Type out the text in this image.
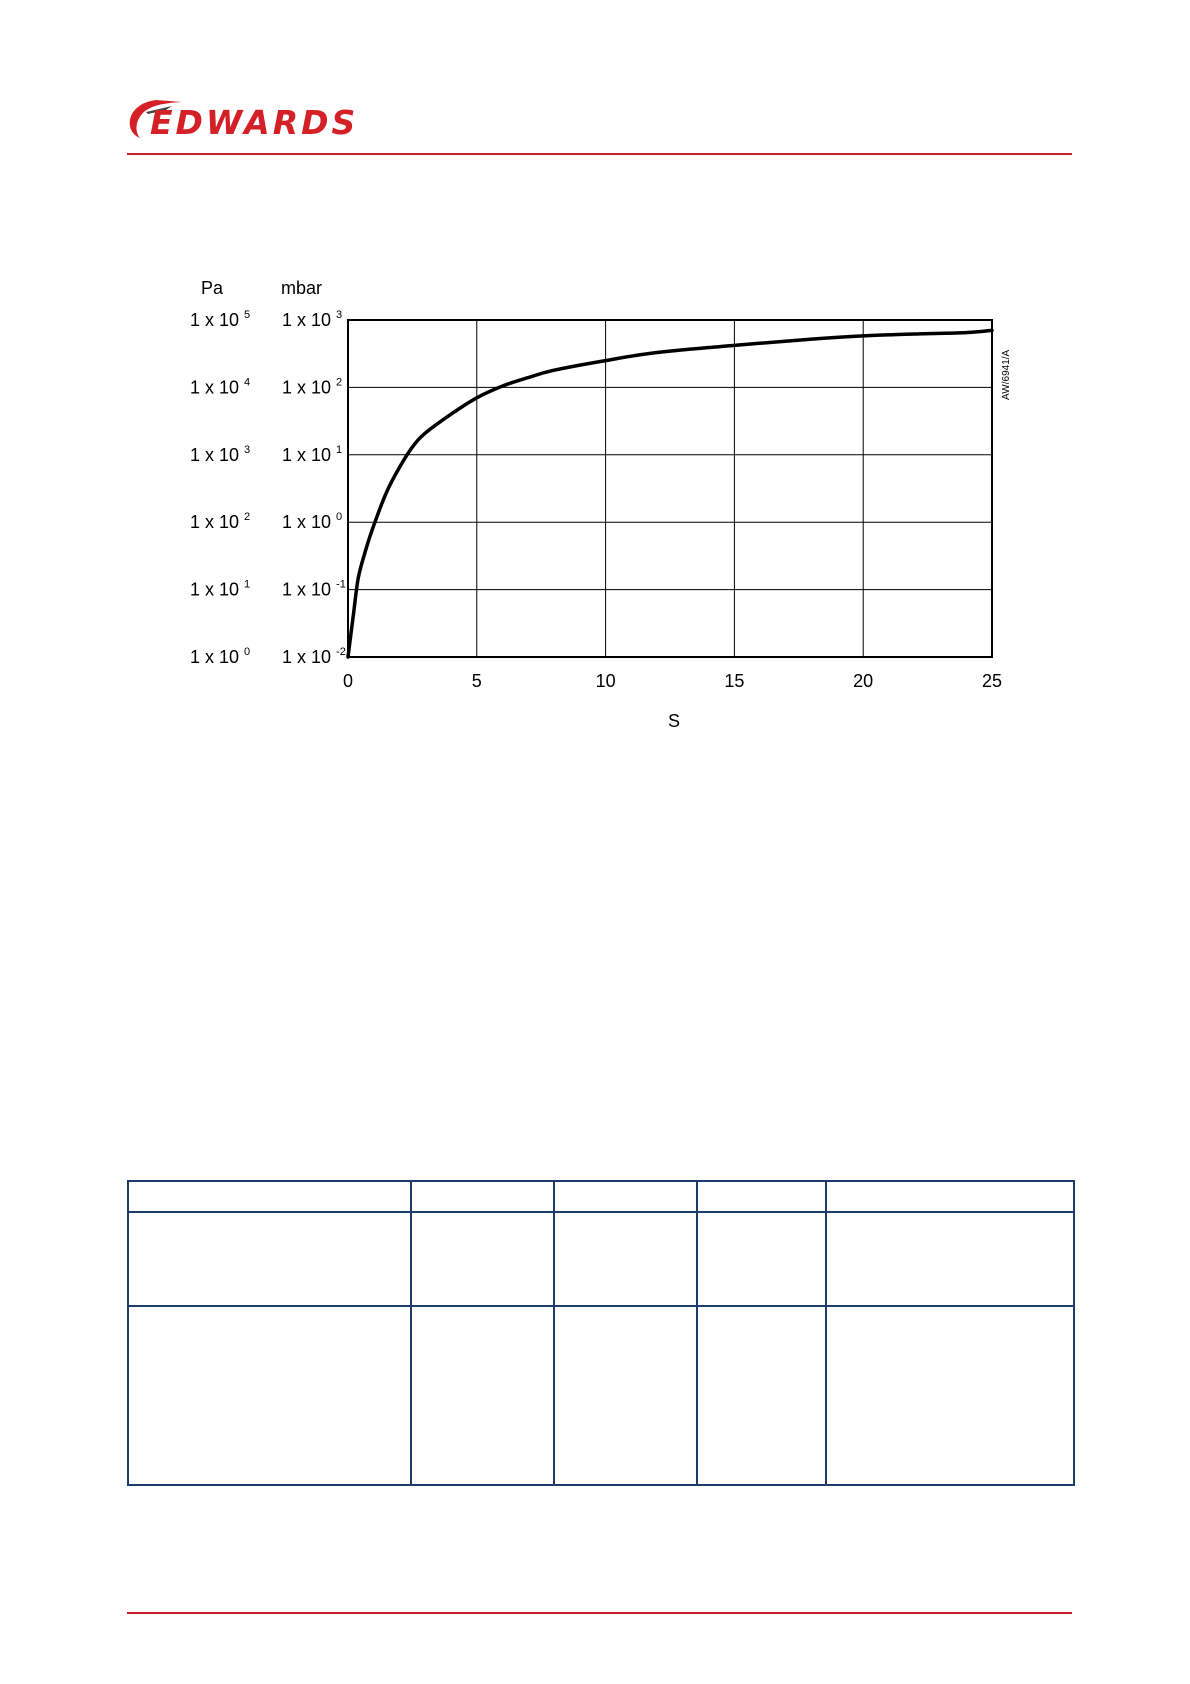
EDWARDS
0	5	10	15	20	25
1 x 10 $^5$
1 x 10 $^4$
1 x 10 $^3$
1 x 10 $^2$
1 x 10 $^1$
1 x 10 $^0$
1 x 10 $^3$
1 x 10 $^2$
1 x 10 $^1$
1 x 10 $^0$
1 x 10 $^{-1}$
1 x 10 $^{-2}$
Pa	mbar
S
AW/6941/A
